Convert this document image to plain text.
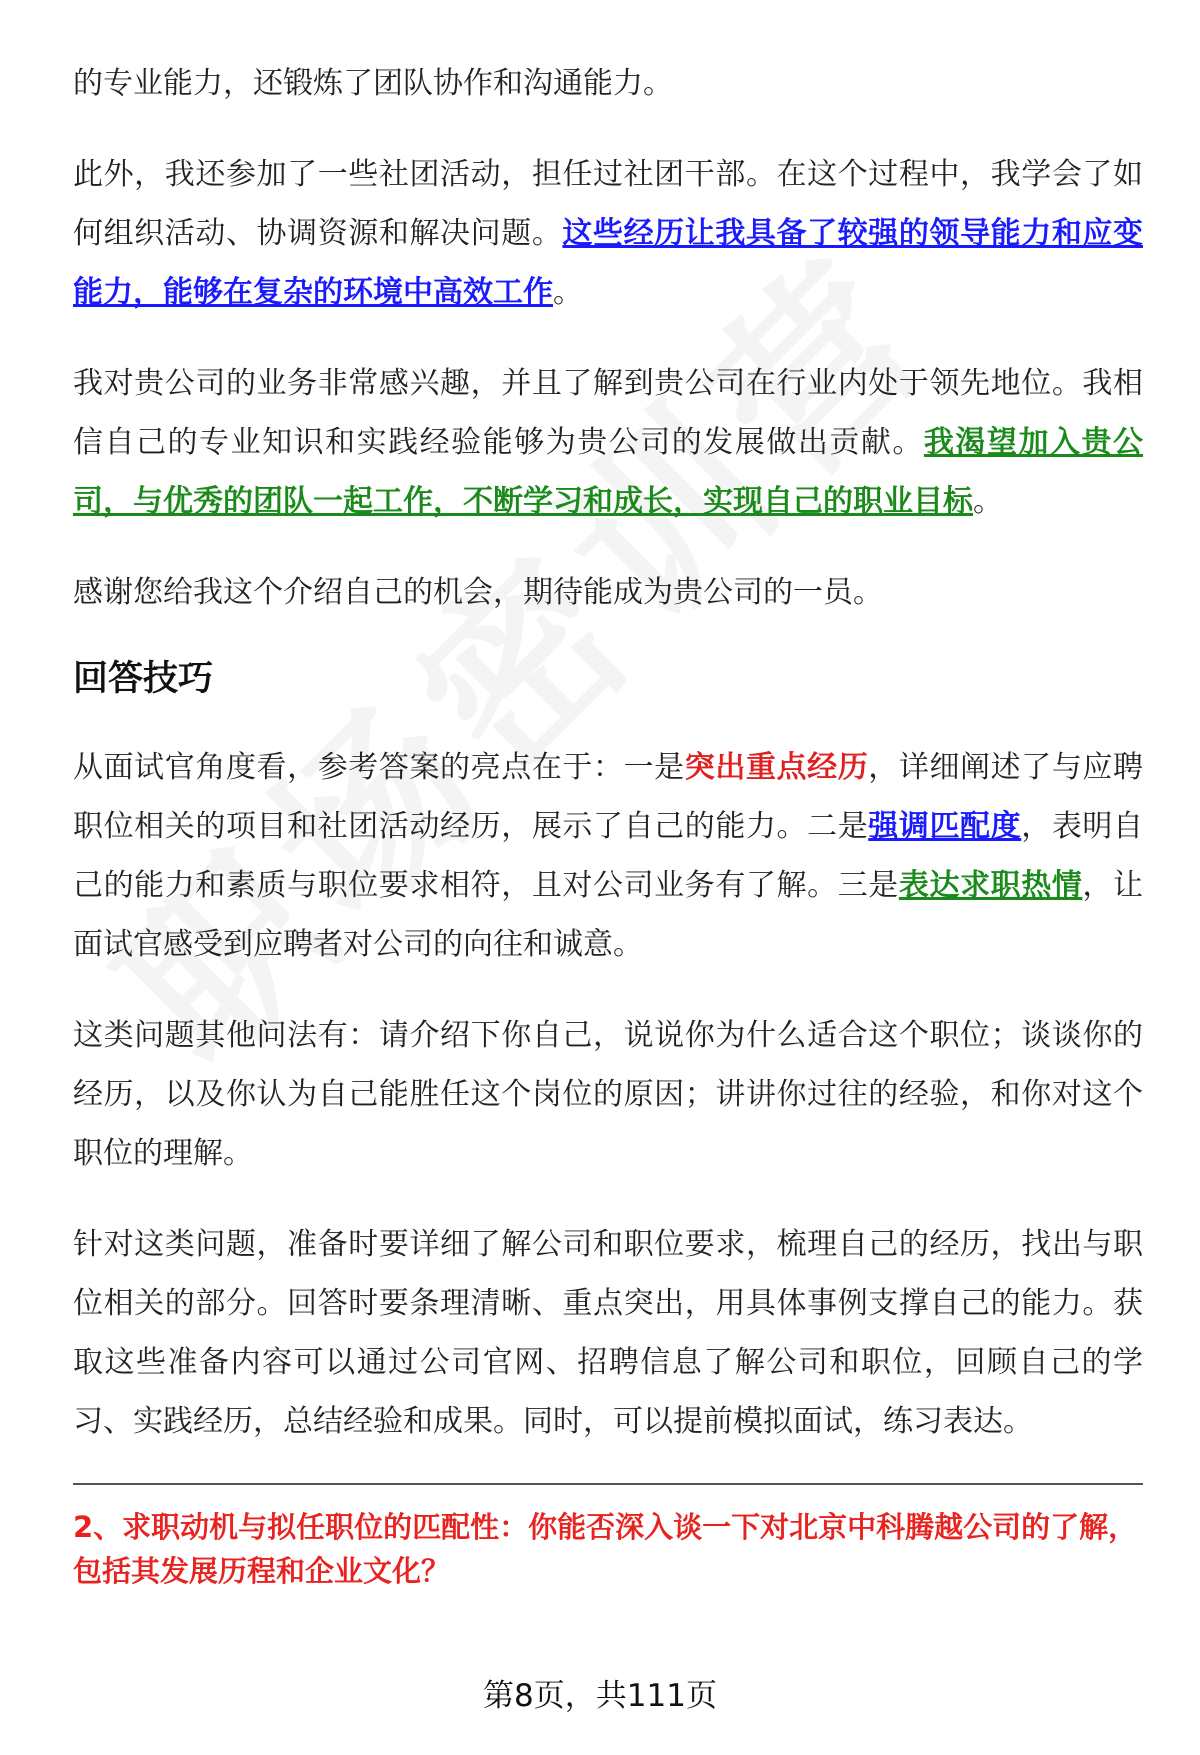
的专业能力，还锻炼了团队协作和沟通能力。

此外，我还参加了一些社团活动，担任过社团干部。在这个过程中，我学会了如何组织活动、协调资源和解决问题。这些经历让我具备了较强的领导能力和应变能力，能够在复杂的环境中高效工作。

我对贵公司的业务非常感兴趣，并且了解到贵公司在行业内处于领先地位。我相信自己的专业知识和实践经验能够为贵公司的发展做出贡献。我渴望加入贵公司，与优秀的团队一起工作，不断学习和成长，实现自己的职业目标。

感谢您给我这个介绍自己的机会，期待能成为贵公司的一员。

回答技巧

从面试官角度看，参考答案的亮点在于：一是突出重点经历，详细阐述了与应聘职位相关的项目和社团活动经历，展示了自己的能力。二是强调匹配度，表明自己的能力和素质与职位要求相符，且对公司业务有了解。三是表达求职热情，让面试官感受到应聘者对公司的向往和诚意。

这类问题其他问法有：请介绍下你自己，说说你为什么适合这个职位；谈谈你的经历，以及你认为自己能胜任这个岗位的原因；讲讲你过往的经验，和你对这个职位的理解。

针对这类问题，准备时要详细了解公司和职位要求，梳理自己的经历，找出与职位相关的部分。回答时要条理清晰、重点突出，用具体事例支撑自己的能力。获取这些准备内容可以通过公司官网、招聘信息了解公司和职位，回顾自己的学习、实践经历，总结经验和成果。同时，可以提前模拟面试，练习表达。

2、求职动机与拟任职位的匹配性：你能否深入谈一下对北京中科腾越公司的了解，包括其发展历程和企业文化？

第8页，共111页
